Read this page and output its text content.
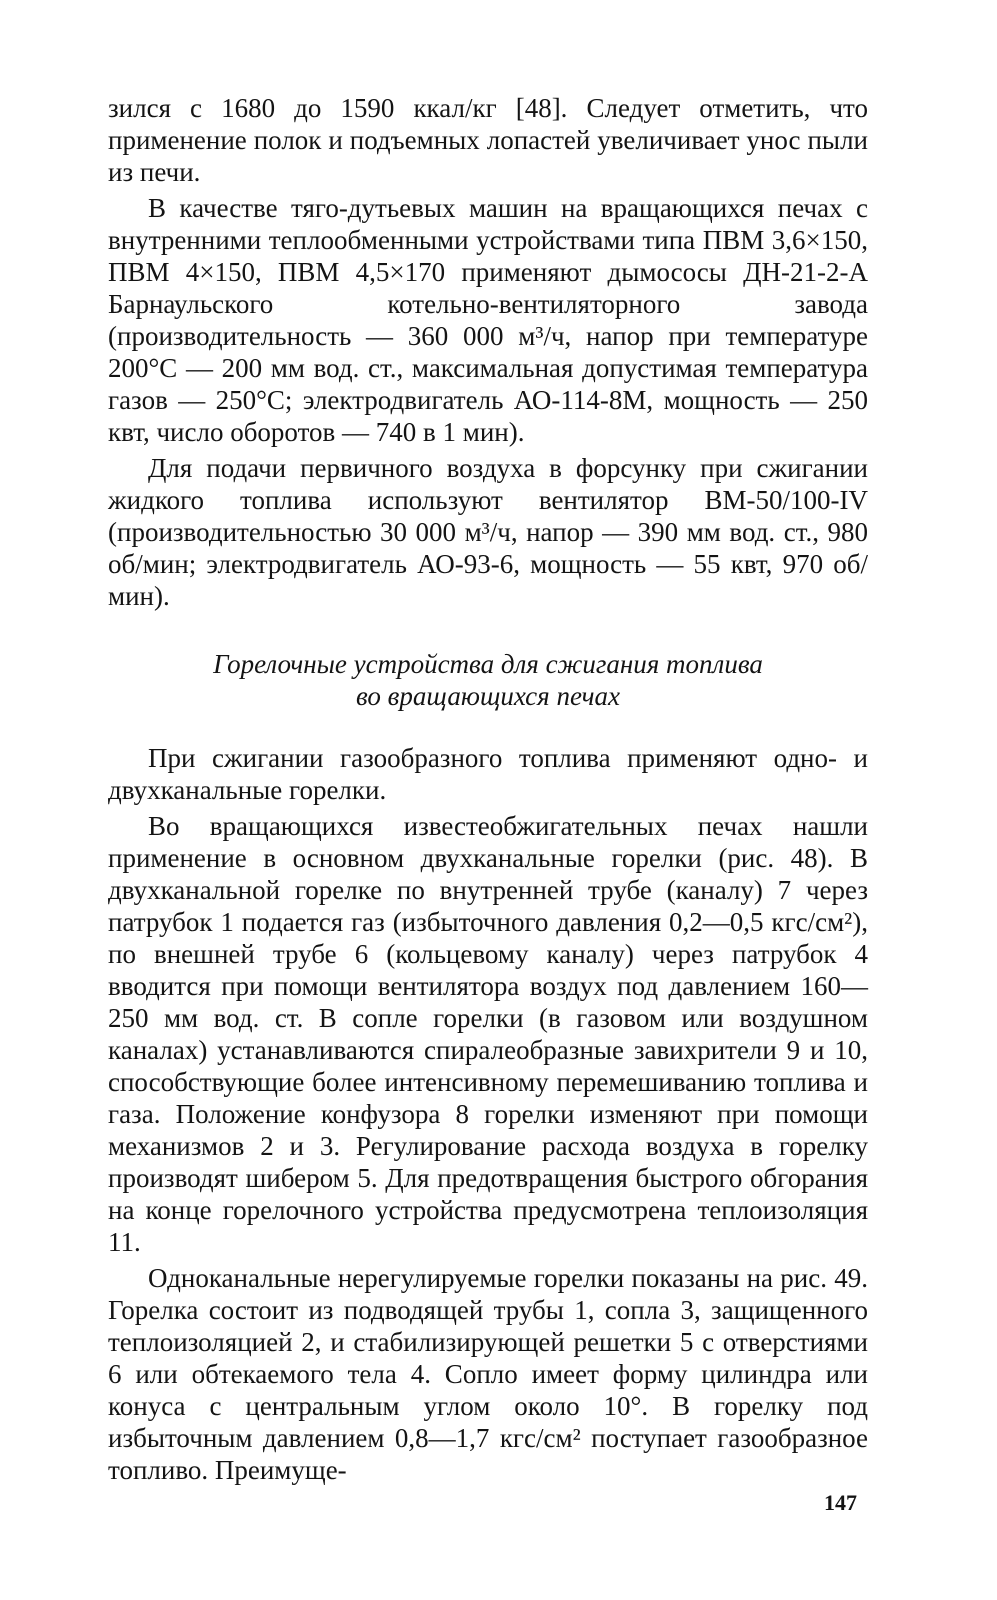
зился с 1680 до 1590 ккал/кг [48]. Следует отметить, что применение полок и подъемных лопастей увеличивает унос пыли из печи.

В качестве тяго-дутьевых машин на вращающихся печах с внутренними теплообменными устройствами типа ПВМ 3,6×150, ПВМ 4×150, ПВМ 4,5×170 применяют дымососы ДН-21-2-А Барнаульского котельно-вентиляторного завода (производительность — 360 000 м³/ч, напор при температуре 200°С — 200 мм вод. ст., максимальная допустимая температура газов — 250°С; электродвигатель АО-114-8М, мощность — 250 квт, число оборотов — 740 в 1 мин).

Для подачи первичного воздуха в форсунку при сжигании жидкого топлива используют вентилятор ВМ-50/100-IV (производительностью 30 000 м³/ч, напор — 390 мм вод. ст., 980 об/мин; электродвигатель АО-93-6, мощность — 55 квт, 970 об/мин).

Горелочные устройства для сжигания топлива
во вращающихся печах

При сжигании газообразного топлива применяют одно- и двухканальные горелки.

Во вращающихся известеобжигательных печах нашли применение в основном двухканальные горелки (рис. 48). В двухканальной горелке по внутренней трубе (каналу) 7 через патрубок 1 подается газ (избыточного давления 0,2—0,5 кгс/см²), по внешней трубе 6 (кольцевому каналу) через патрубок 4 вводится при помощи вентилятора воздух под давлением 160—250 мм вод. ст. В сопле горелки (в газовом или воздушном каналах) устанавливаются спиралеобразные завихрители 9 и 10, способствующие более интенсивному перемешиванию топлива и газа. Положение конфузора 8 горелки изменяют при помощи механизмов 2 и 3. Регулирование расхода воздуха в горелку производят шибером 5. Для предотвращения быстрого обгорания на конце горелочного устройства предусмотрена теплоизоляция 11.

Одноканальные нерегулируемые горелки показаны на рис. 49. Горелка состоит из подводящей трубы 1, сопла 3, защищенного теплоизоляцией 2, и стабилизирующей решетки 5 с отверстиями 6 или обтекаемого тела 4. Сопло имеет форму цилиндра или конуса с центральным углом около 10°. В горелку под избыточным давлением 0,8—1,7 кгс/см² поступает газообразное топливо. Преимуще-

147
